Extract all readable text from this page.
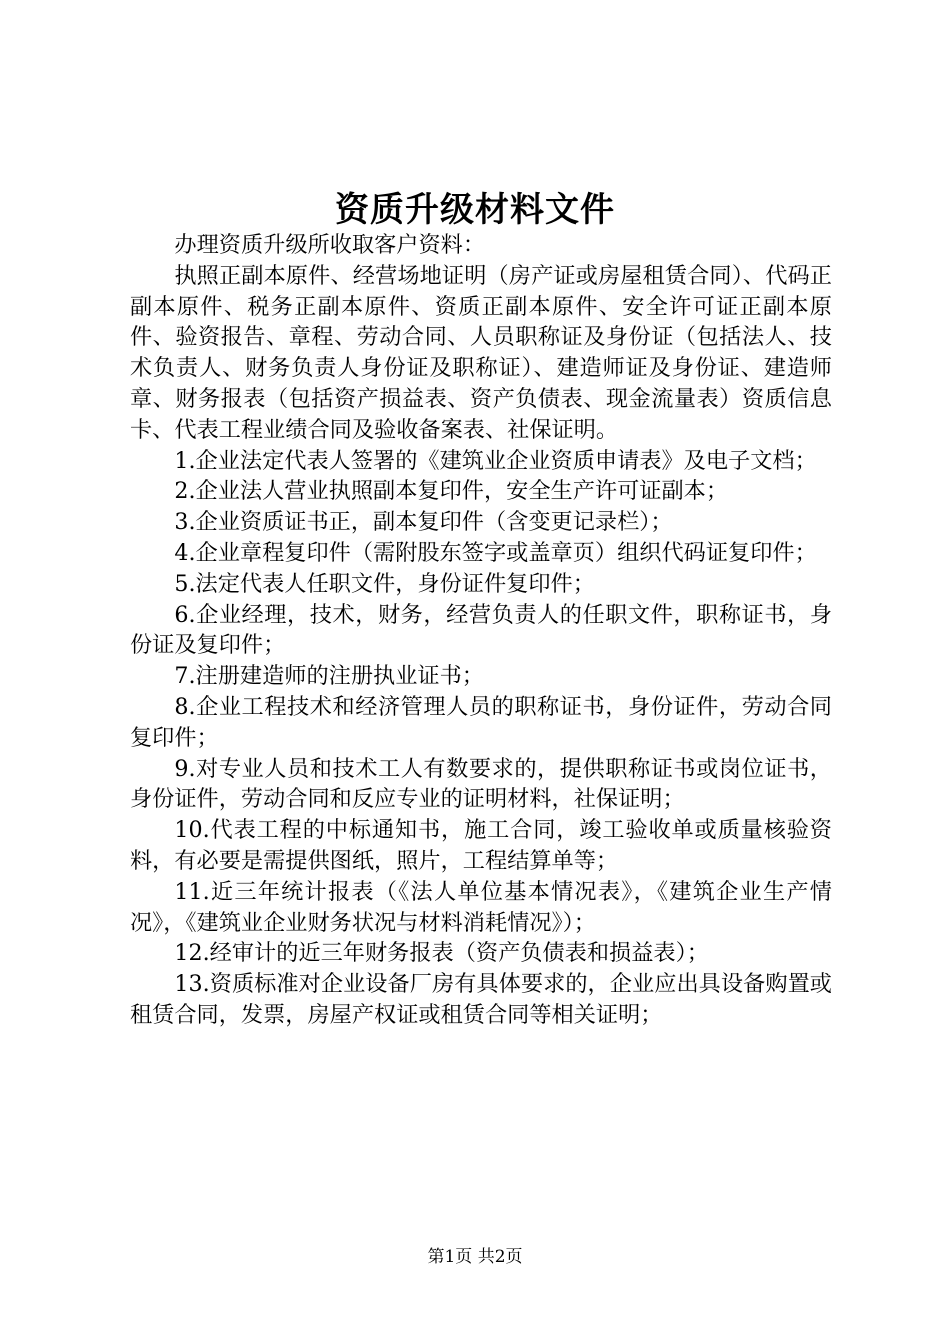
资质升级材料文件

办理资质升级所收取客户资料：

执照正副本原件、经营场地证明（房产证或房屋租赁合同）、代码正副本原件、税务正副本原件、资质正副本原件、安全许可证正副本原件、验资报告、章程、劳动合同、人员职称证及身份证（包括法人、技术负责人、财务负责人身份证及职称证）、建造师证及身份证、建造师章、财务报表（包括资产损益表、资产负债表、现金流量表）资质信息卡、代表工程业绩合同及验收备案表、社保证明。

1.企业法定代表人签署的《建筑业企业资质申请表》及电子文档；

2.企业法人营业执照副本复印件，安全生产许可证副本；

3.企业资质证书正，副本复印件（含变更记录栏）；

4.企业章程复印件（需附股东签字或盖章页）组织代码证复印件；

5.法定代表人任职文件，身份证件复印件；

6.企业经理，技术，财务，经营负责人的任职文件，职称证书，身份证及复印件；

7.注册建造师的注册执业证书；

8.企业工程技术和经济管理人员的职称证书，身份证件，劳动合同复印件；

9.对专业人员和技术工人有数要求的，提供职称证书或岗位证书，身份证件，劳动合同和反应专业的证明材料，社保证明；

10.代表工程的中标通知书，施工合同，竣工验收单或质量核验资料，有必要是需提供图纸，照片，工程结算单等；

11.近三年统计报表（《法人单位基本情况表》，《建筑企业生产情况》，《建筑业企业财务状况与材料消耗情况》）；

12.经审计的近三年财务报表（资产负债表和损益表）；

13.资质标准对企业设备厂房有具体要求的，企业应出具设备购置或租赁合同，发票，房屋产权证或租赁合同等相关证明；

第1页 共2页
